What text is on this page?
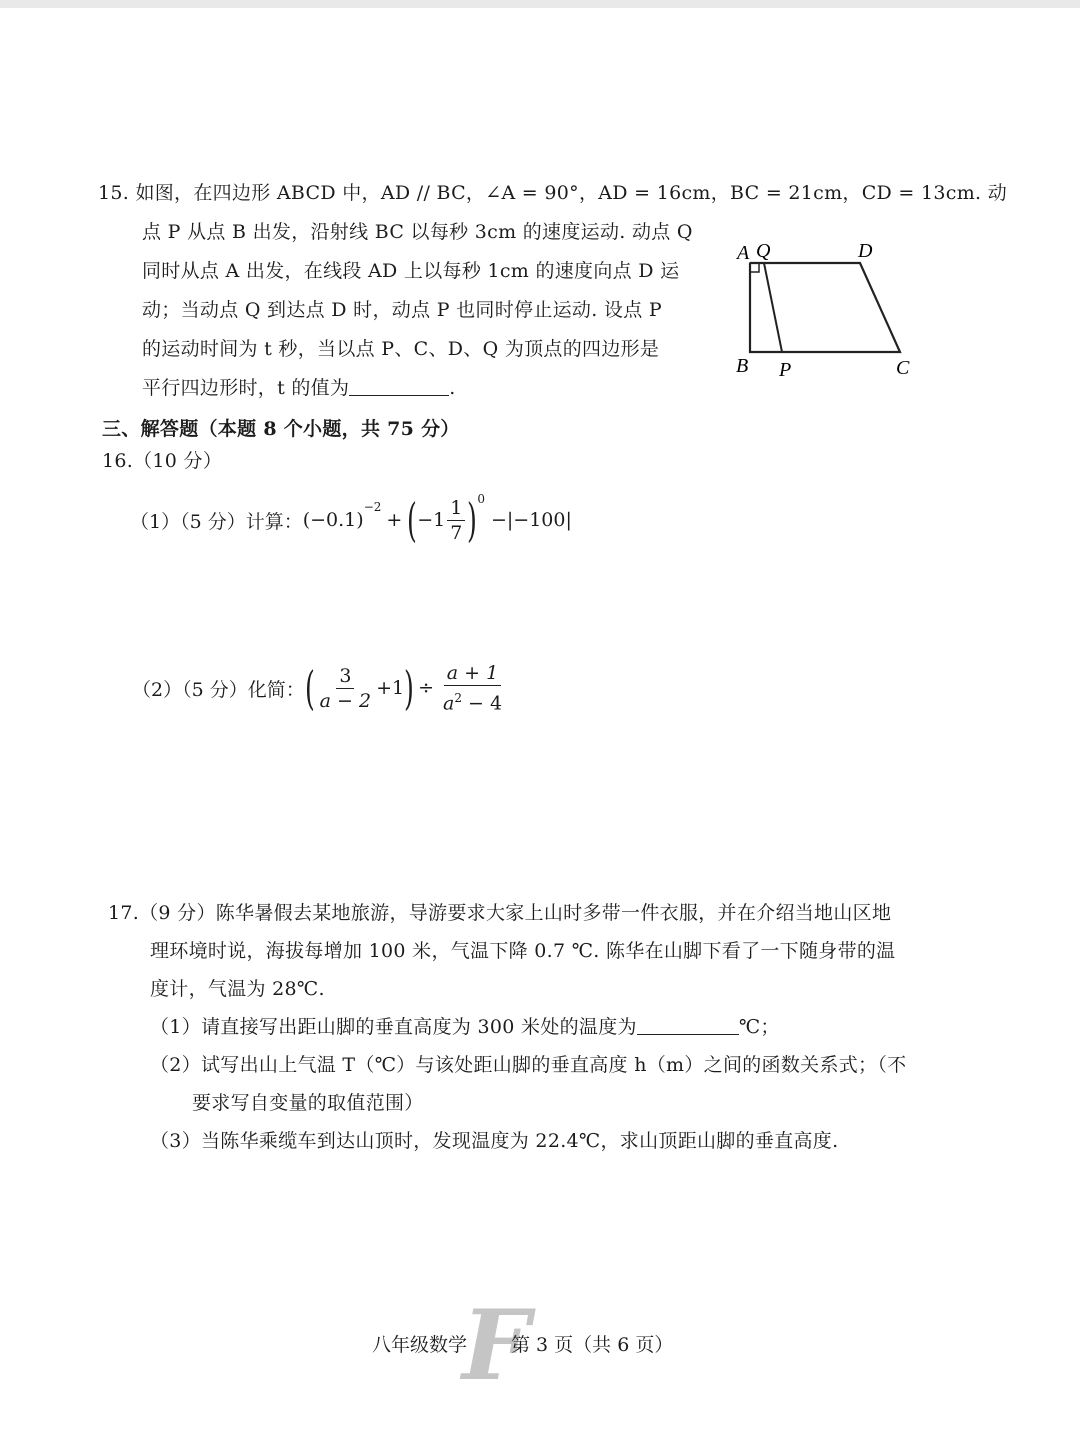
15. 如图，在四边形 ABCD 中，AD // BC，∠A = 90°，AD = 16cm，BC = 21cm，CD = 13cm. 动
点 P 从点 B 出发，沿射线 BC 以每秒 3cm 的速度运动. 动点 Q
同时从点 A 出发，在线段 AD 上以每秒 1cm 的速度向点 D 运
动；当动点 Q 到达点 D 时，动点 P 也同时停止运动. 设点 P
的运动时间为 t 秒，当以点 P、C、D、Q 为顶点的四边形是
平行四边形时，t 的值为	.
A Q	D
B P	C
三、解答题（本题 8 个小题，共 75 分）
16.（10 分）
（1）（5 分）计算： (−0.1)
$^{-2}$
+ ( $-1 \frac{1}{7} )^0$
−|−100|
（2）（5 分）化简： ( $\frac{3}{a - 2} +1$ ) ÷ $\frac{a + 1}{a^2 - 4}$
17.（9 分）陈华暑假去某地旅游，导游要求大家上山时多带一件衣服，并在介绍当地山区地
理环境时说，海拔每增加 100 米，气温下降 0.7 ℃. 陈华在山脚下看了一下随身带的温
度计，气温为 28℃.
（1）请直接写出距山脚的垂直高度为 300 米处的温度为	℃；
（2）试写出山上气温 T（℃）与该处距山脚的垂直高度 h（m）之间的函数关系式；（不
要求写自变量的取值范围）
（3）当陈华乘缆车到达山顶时，发现温度为 22.4℃，求山顶距山脚的垂直高度.
F
八年级数学 第 3 页（共 6 页）
